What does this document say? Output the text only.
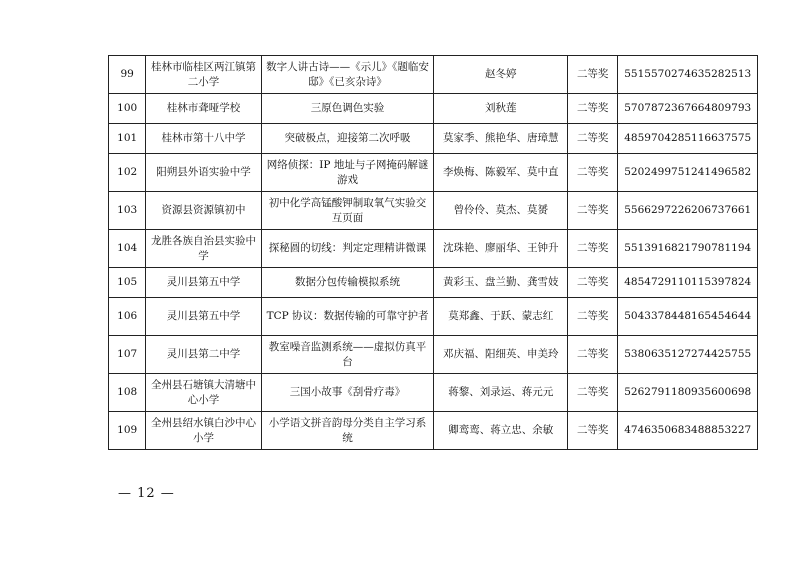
99	桂林市临桂区两江镇第二小学	数字人讲古诗——《示儿》《题临安邸》《已亥杂诗》	赵冬婷	二等奖	5515570274635282513
100	桂林市聋哑学校	三原色调色实验	刘秋莲	二等奖	5707872367664809793
101	桂林市第十八中学	突破极点，迎接第二次呼吸	莫家季、熊艳华、唐璋慧	二等奖	4859704285116637575
102	阳朔县外语实验中学	网络侦探：IP 地址与子网掩码解谜游戏	李焕梅、陈毅军、莫中直	二等奖	5202499751241496582
103	资源县资源镇初中	初中化学高锰酸钾制取氧气实验交互页面	曾伶伶、莫杰、莫赟	二等奖	5566297226206737661
104	龙胜各族自治县实验中学	探秘圆的切线：判定定理精讲微课	沈珠艳、廖丽华、王钟升	二等奖	5513916821790781194
105	灵川县第五中学	数据分包传输模拟系统	黄彩玉、盘兰勤、龚雪妓	二等奖	4854729110115397824
106	灵川县第五中学	TCP 协议：数据传输的可靠守护者	莫郑鑫、于跃、蒙志红	二等奖	5043378448165454644
107	灵川县第二中学	教室噪音监测系统——虚拟仿真平台	邓庆福、阳细英、申美玲	二等奖	5380635127274425755
108	全州县石塘镇大清塘中心小学	三国小故事《刮骨疗毒》	蒋黎、刘录运、蒋元元	二等奖	5262791180935600698
109	全州县绍水镇白沙中心小学	小学语文拼音韵母分类自主学习系统	卿鸾鸾、蒋立忠、余敏	二等奖	4746350683488853227
— 12 —
